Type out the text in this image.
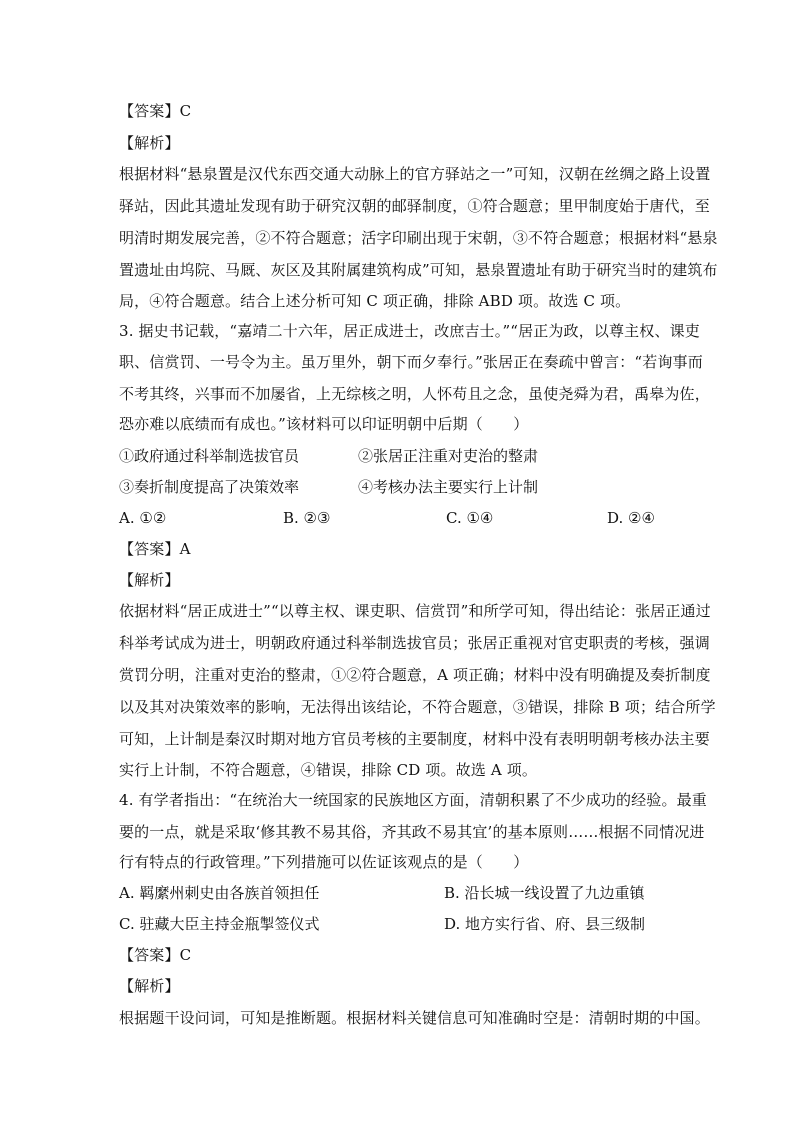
【答案】C
【解析】
根据材料“悬泉置是汉代东西交通大动脉上的官方驿站之一”可知，汉朝在丝绸之路上设置
驿站，因此其遗址发现有助于研究汉朝的邮驿制度，①符合题意；里甲制度始于唐代，至
明清时期发展完善，②不符合题意；活字印刷出现于宋朝，③不符合题意；根据材料“悬泉
置遗址由坞院、马厩、灰区及其附属建筑构成”可知，悬泉置遗址有助于研究当时的建筑布
局，④符合题意。结合上述分析可知 C 项正确，排除 ABD 项。故选 C 项。
3. 据史书记载，“嘉靖二十六年，居正成进士，改庶吉士。”“居正为政，以尊主权、课吏
职、信赏罚、一号令为主。虽万里外，朝下而夕奉行。”张居正在奏疏中曾言：“若询事而
不考其终，兴事而不加屡省，上无综核之明，人怀苟且之念，虽使尧舜为君，禹皋为佐，
恐亦难以底绩而有成也。”该材料可以印证明朝中后期（　　）
①政府通过科举制选拔官员	②张居正注重对吏治的整肃
③奏折制度提高了决策效率	④考核办法主要实行上计制
A. ①②	B. ②③	C. ①④	D. ②④
【答案】A
【解析】
依据材料“居正成进士”“以尊主权、课吏职、信赏罚”和所学可知，得出结论：张居正通过
科举考试成为进士，明朝政府通过科举制选拔官员；张居正重视对官吏职责的考核，强调
赏罚分明，注重对吏治的整肃，①②符合题意，A 项正确；材料中没有明确提及奏折制度
以及其对决策效率的影响，无法得出该结论，不符合题意，③错误，排除 B 项；结合所学
可知，上计制是秦汉时期对地方官员考核的主要制度，材料中没有表明明朝考核办法主要
实行上计制，不符合题意，④错误，排除 CD 项。故选 A 项。
4. 有学者指出：“在统治大一统国家的民族地区方面，清朝积累了不少成功的经验。最重
要的一点，就是采取‘修其教不易其俗，齐其政不易其宜’的基本原则……根据不同情况进
行有特点的行政管理。”下列措施可以佐证该观点的是（　　）
A. 羁縻州刺史由各族首领担任	B. 沿长城一线设置了九边重镇
C. 驻藏大臣主持金瓶掣签仪式	D. 地方实行省、府、县三级制
【答案】C
【解析】
根据题干设问词，可知是推断题。根据材料关键信息可知准确时空是：清朝时期的中国。
